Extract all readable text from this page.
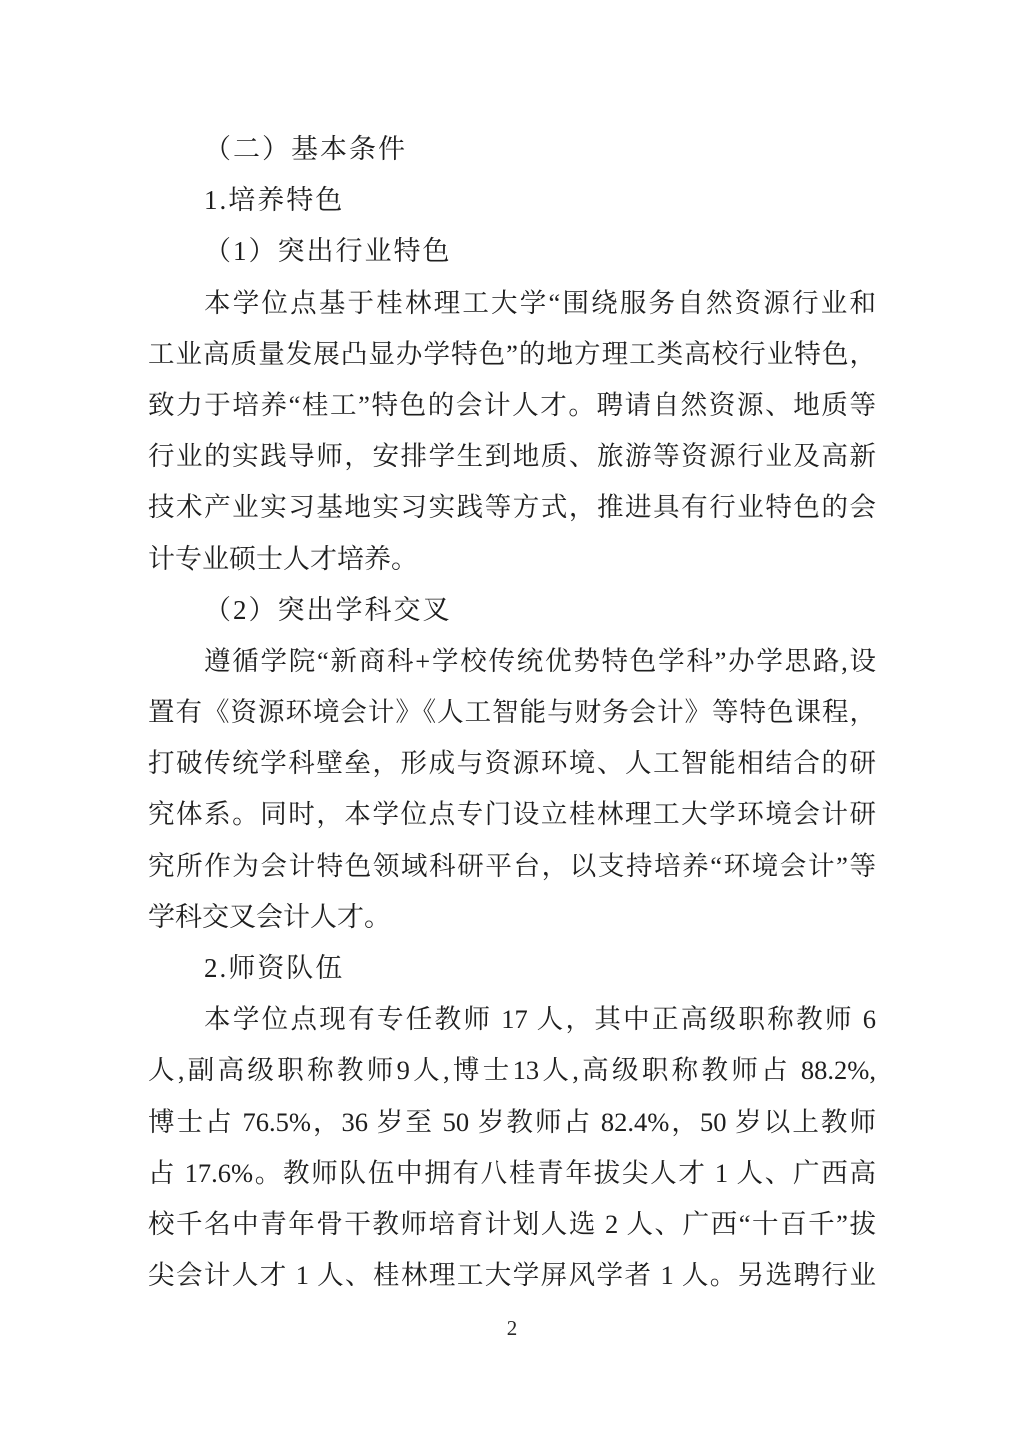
（二）基本条件
1.培养特色
（1）突出行业特色
本学位点基于桂林理工大学“围绕服务自然资源行业和
工业高质量发展凸显办学特色”的地方理工类高校行业特色，
致力于培养“桂工”特色的会计人才。聘请自然资源、地质等
行业的实践导师，安排学生到地质、旅游等资源行业及高新
技术产业实习基地实习实践等方式，推进具有行业特色的会
计专业硕士人才培养。
（2）突出学科交叉
遵循学院“新商科+学校传统优势特色学科”办学思路,设
置有《资源环境会计》《人工智能与财务会计》等特色课程，
打破传统学科壁垒，形成与资源环境、人工智能相结合的研
究体系。同时，本学位点专门设立桂林理工大学环境会计研
究所作为会计特色领域科研平台，以支持培养“环境会计”等
学科交叉会计人才。
2.师资队伍
本学位点现有专任教师 17 人，其中正高级职称教师 6
人,副高级职称教师9人,博士13人,高级职称教师占 88.2%,
博士占 76.5%，36 岁至 50 岁教师占 82.4%，50 岁以上教师
占 17.6%。教师队伍中拥有八桂青年拔尖人才 1 人、广西高
校千名中青年骨干教师培育计划人选 2 人、广西“十百千”拔
尖会计人才 1 人、桂林理工大学屏风学者 1 人。另选聘行业
2
